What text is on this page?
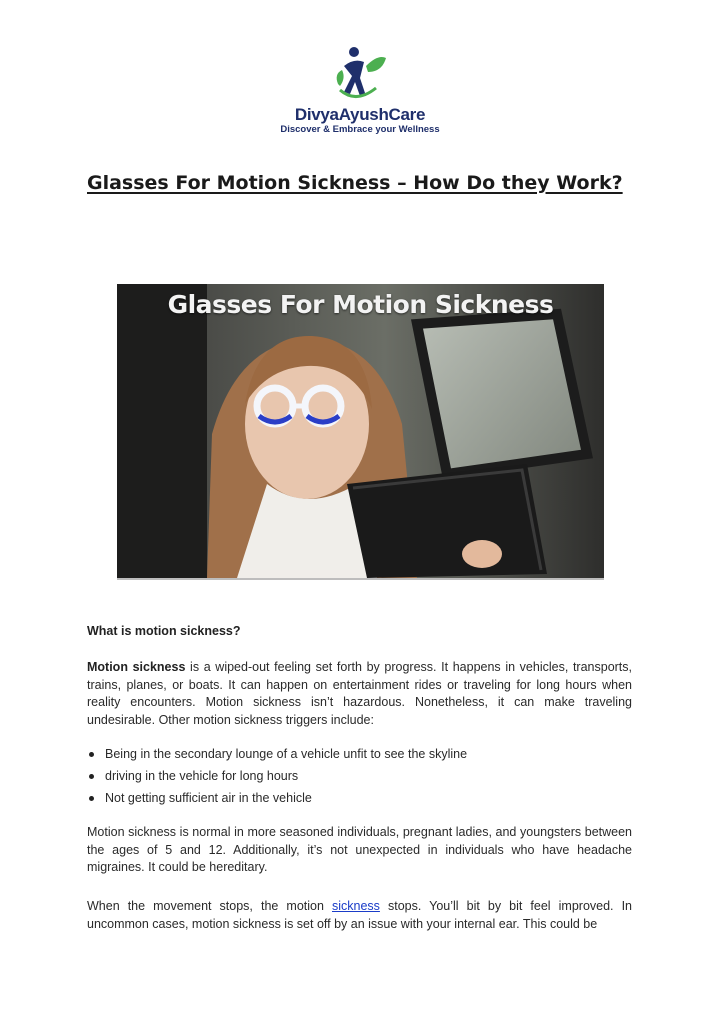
DivyaAyushCare
Discover & Embrace your Wellness
Glasses For Motion Sickness – How Do they Work?
Glasses For Motion Sickness
What is motion sickness?

Motion sickness is a wiped-out feeling set forth by progress. It happens in vehicles, transports, trains, planes, or boats. It can happen on entertainment rides or traveling for long hours when reality encounters. Motion sickness isn’t hazardous. Nonetheless, it can make traveling undesirable. Other motion sickness triggers include:

Being in the secondary lounge of a vehicle unfit to see the skyline
driving in the vehicle for long hours
Not getting sufficient air in the vehicle

Motion sickness is normal in more seasoned individuals, pregnant ladies, and youngsters between the ages of 5 and 12. Additionally, it’s not unexpected in individuals who have headache migraines. It could be hereditary.

When the movement stops, the motion sickness stops. You’ll bit by bit feel improved. In uncommon cases, motion sickness is set off by an issue with your internal ear. This could be
